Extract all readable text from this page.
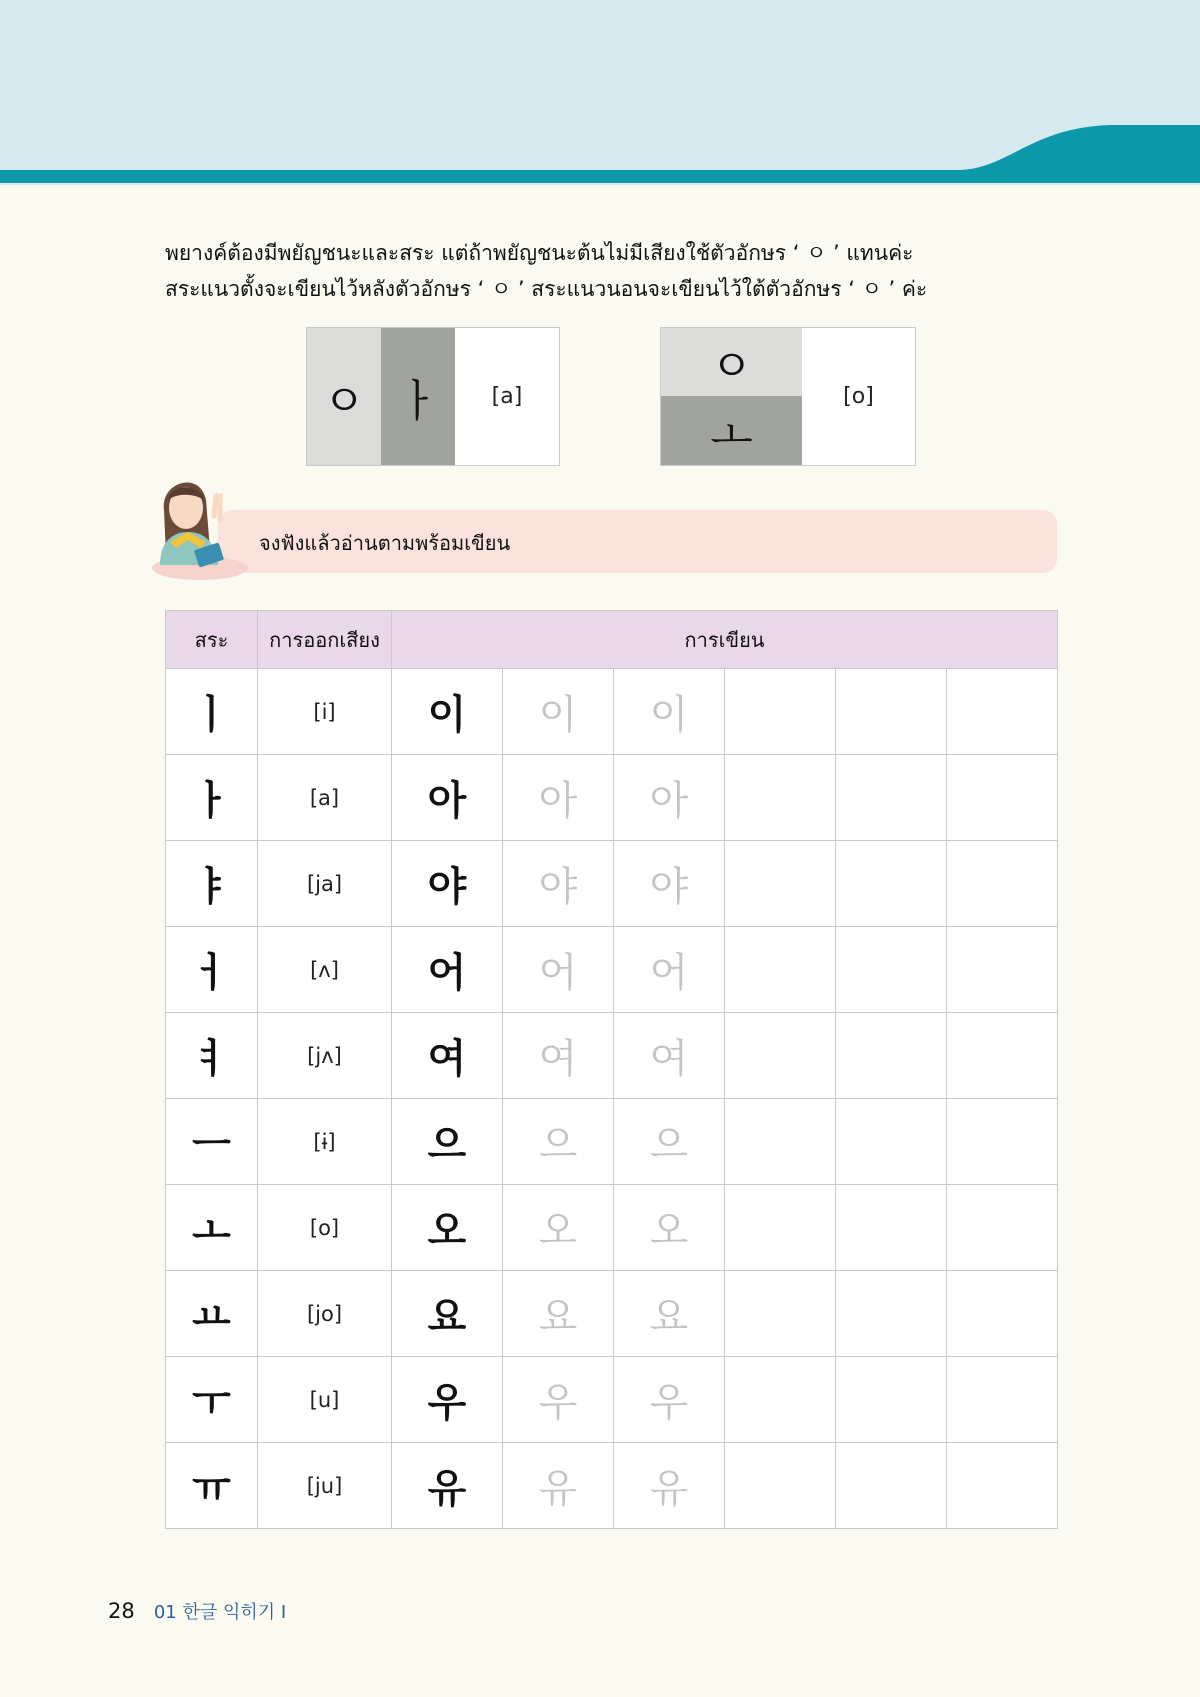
พยางค์ต้องมีพยัญชนะและสระ แต่ถ้าพยัญชนะต้นไม่มีเสียงใช้ตัวอักษร ‘ ㅇ ’ แทนค่ะ

สระแนวตั้งจะเขียนไว้หลังตัวอักษร ‘ ㅇ ’ สระแนวนอนจะเขียนไว้ใต้ตัวอักษร ‘ ㅇ ’ ค่ะ

ㅇ ㅏ	[a]
ㅇ
ㅗ
[o]
จงฟังแล้วอ่านตามพร้อมเขียน
สระ	การออกเสียง	การเขียน					
ㅣ	[i]	이	이	이			
ㅏ	[a]	아	아	아			
ㅑ	[ja]	야	야	야			
ㅓ	[ʌ]	어	어	어			
ㅕ	[jʌ]	여	여	여			
ㅡ	[ɨ]	으	으	으			
ㅗ	[o]	오	오	오			
ㅛ	[jo]	요	요	요			
ㅜ	[u]	우	우	우			
ㅠ	[ju]	유	유	유			
28 01 한글 익히기 I
